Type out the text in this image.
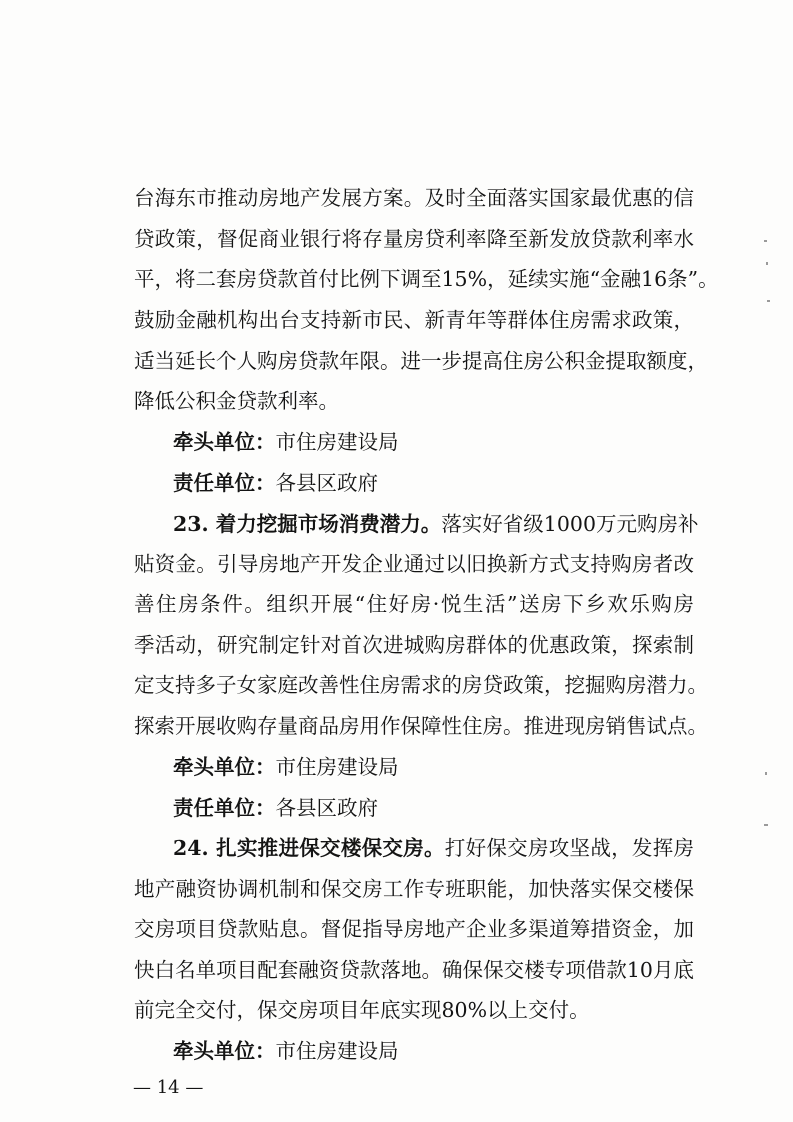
台海东市推动房地产发展方案。及时全面落实国家最优惠的信
贷政策，督促商业银行将存量房贷利率降至新发放贷款利率水
平，将二套房贷款首付比例下调至15%，延续实施“金融16条”。
鼓励金融机构出台支持新市民、新青年等群体住房需求政策，
适当延长个人购房贷款年限。进一步提高住房公积金提取额度，
降低公积金贷款利率。
牵头单位：市住房建设局
责任单位：各县区政府
23. 着力挖掘市场消费潜力。落实好省级1000万元购房补
贴资金。引导房地产开发企业通过以旧换新方式支持购房者改
善住房条件。组织开展“住好房·悦生活”送房下乡欢乐购房
季活动，研究制定针对首次进城购房群体的优惠政策，探索制
定支持多子女家庭改善性住房需求的房贷政策，挖掘购房潜力。
探索开展收购存量商品房用作保障性住房。推进现房销售试点。
牵头单位：市住房建设局
责任单位：各县区政府
24. 扎实推进保交楼保交房。打好保交房攻坚战，发挥房
地产融资协调机制和保交房工作专班职能，加快落实保交楼保
交房项目贷款贴息。督促指导房地产企业多渠道筹措资金，加
快白名单项目配套融资贷款落地。确保保交楼专项借款10月底
前完全交付，保交房项目年底实现80%以上交付。
牵头单位：市住房建设局
— 14 —
